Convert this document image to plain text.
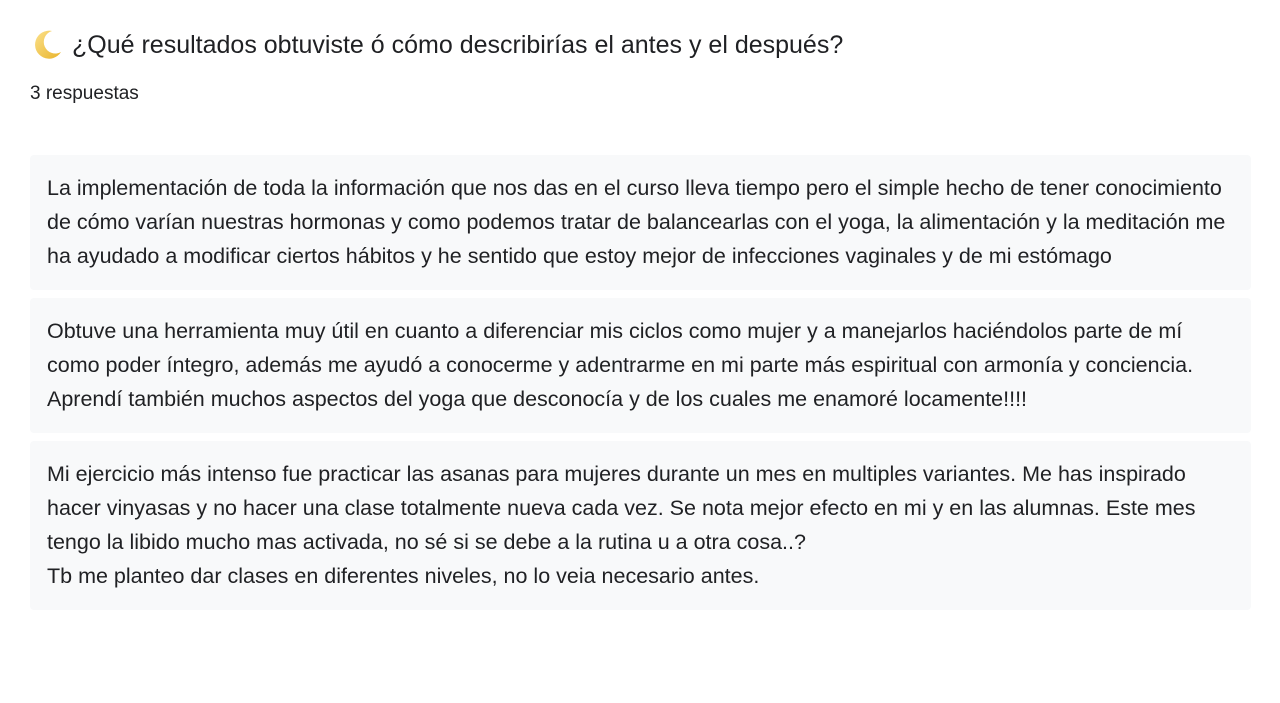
¿Qué resultados obtuviste ó cómo describirías el antes y el después?
3 respuestas

La implementación de toda la información que nos das en el curso lleva tiempo pero el simple hecho de tener conocimiento de cómo varían nuestras hormonas y como podemos tratar de balancearlas con el yoga, la alimentación y la meditación me ha ayudado a modificar ciertos hábitos y he sentido que estoy mejor de infecciones vaginales y de mi estómago

Obtuve una herramienta muy útil en cuanto a diferenciar mis ciclos como mujer y a manejarlos haciéndolos parte de mí como poder íntegro, además me ayudó a conocerme y adentrarme en mi parte más espiritual con armonía y conciencia.
Aprendí también muchos aspectos del yoga que desconocía y de los cuales me enamoré locamente!!!!

Mi ejercicio más intenso fue practicar las asanas para mujeres durante un mes en multiples variantes. Me has inspirado hacer vinyasas y no hacer una clase totalmente nueva cada vez. Se nota mejor efecto en mi y en las alumnas. Este mes tengo la libido mucho mas activada, no sé si se debe a la rutina u a otra cosa..?
Tb me planteo dar clases en diferentes niveles, no lo veia necesario antes.
